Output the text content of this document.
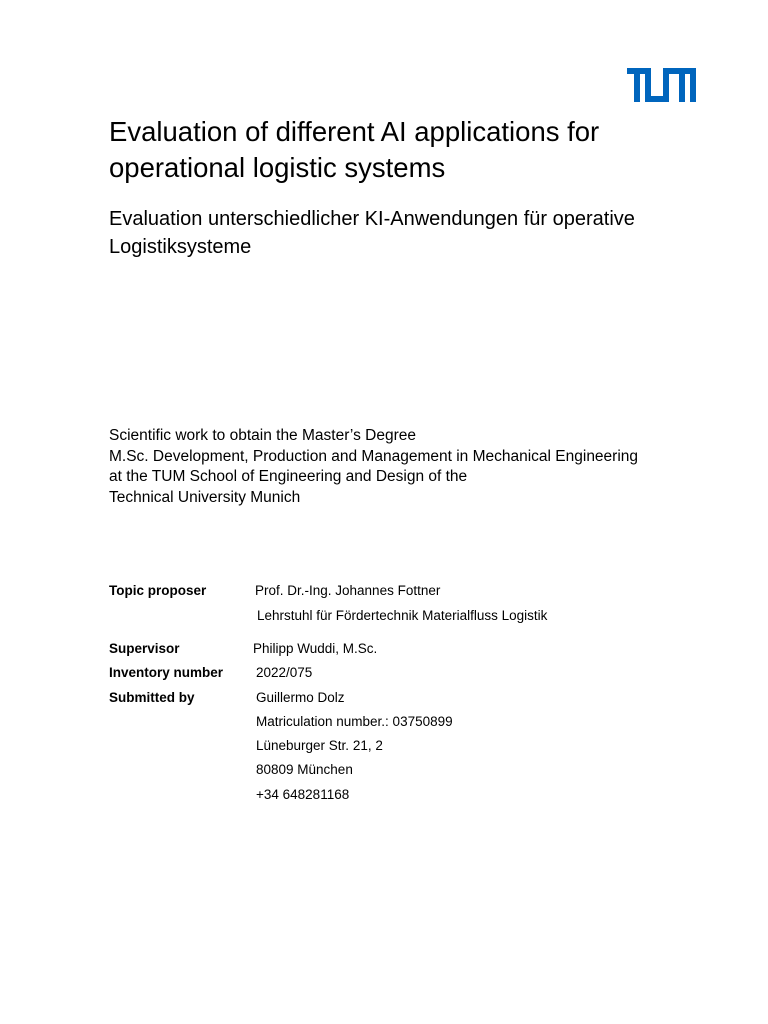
Evaluation of different AI applications for
operational logistic systems
Evaluation unterschiedlicher KI-Anwendungen für operative
Logistiksysteme
Scientific work to obtain the Master’s Degree
M.Sc. Development, Production and Management in Mechanical Engineering
at the TUM School of Engineering and Design of the
Technical University Munich
Topic proposer	Prof. Dr.-Ing. Johannes Fottner
Lehrstuhl für Fördertechnik Materialfluss Logistik
Supervisor	Philipp Wuddi, M.Sc.
Inventory number 2022/075
Submitted by	Guillermo Dolz
Matriculation number.: 03750899
Lüneburger Str. 21, 2
80809 München
+34 648281168
